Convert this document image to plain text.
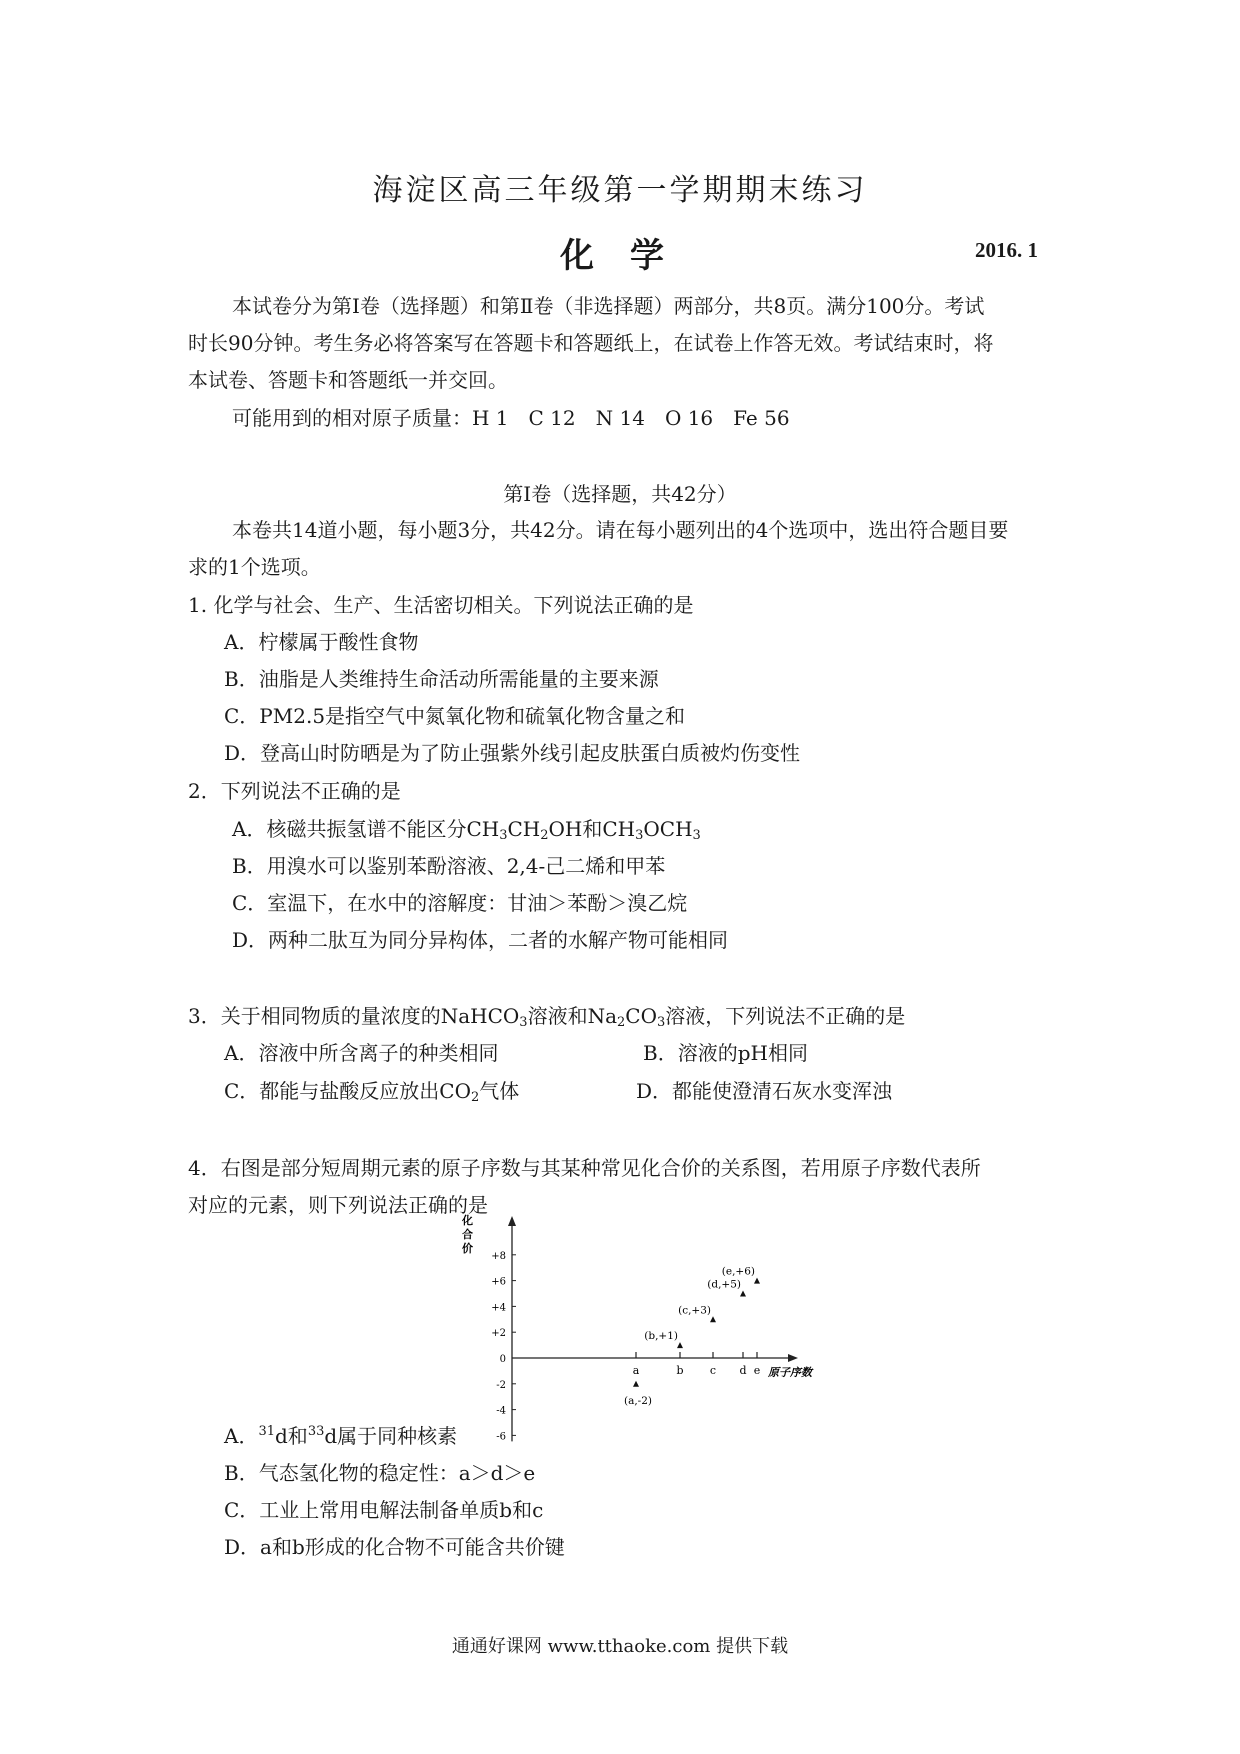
海淀区高三年级第一学期期末练习
化学	2016. 1
本试卷分为第Ⅰ卷（选择题）和第Ⅱ卷（非选择题）两部分，共8页。满分100分。考试
时长90分钟。考生务必将答案写在答题卡和答题纸上，在试卷上作答无效。考试结束时，将
本试卷、答题卡和答题纸一并交回。
可能用到的相对原子质量：H 1　C 12　N 14　O 16　Fe 56
第Ⅰ卷（选择题，共42分）
本卷共14道小题，每小题3分，共42分。请在每小题列出的4个选项中，选出符合题目要
求的1个选项。
1. 化学与社会、生产、生活密切相关。下列说法正确的是
A．柠檬属于酸性食物
B．油脂是人类维持生命活动所需能量的主要来源
C．PM2.5是指空气中氮氧化物和硫氧化物含量之和
D．登高山时防晒是为了防止强紫外线引起皮肤蛋白质被灼伤变性
2．下列说法不正确的是
A．核磁共振氢谱不能区分$CH_3CH_2OH$和$CH_3OCH_3$
B．用溴水可以鉴别苯酚溶液、2,4-己二烯和甲苯
C．室温下，在水中的溶解度：甘油＞苯酚＞溴乙烷
D．两种二肽互为同分异构体，二者的水解产物可能相同
3．关于相同物质的量浓度的NaHCO$_3$溶液和$Na_2CO_3$溶液，下列说法不正确的是
A．溶液中所含离子的种类相同	B．溶液的pH相同
C．都能与盐酸反应放出$CO_2$气体	D．都能使澄清石灰水变浑浊
4．右图是部分短周期元素的原子序数与其某种常见化合价的关系图，若用原子序数代表所
对应的元素，则下列说法正确的是
化
合
价
原子序数
+8
+6
+4
+2
0
-2
-4
-6
a	b c d e
(a,-2)
(b,+1)
(c,+3)
(d,+5)
(e,+6)
A．$^{31}$d和$^{33}$d属于同种核素
B．气态氢化物的稳定性：a＞d＞e
C．工业上常用电解法制备单质b和c
D．a和b形成的化合物不可能含共价键
通通好课网 www.tthaoke.com 提供下载
